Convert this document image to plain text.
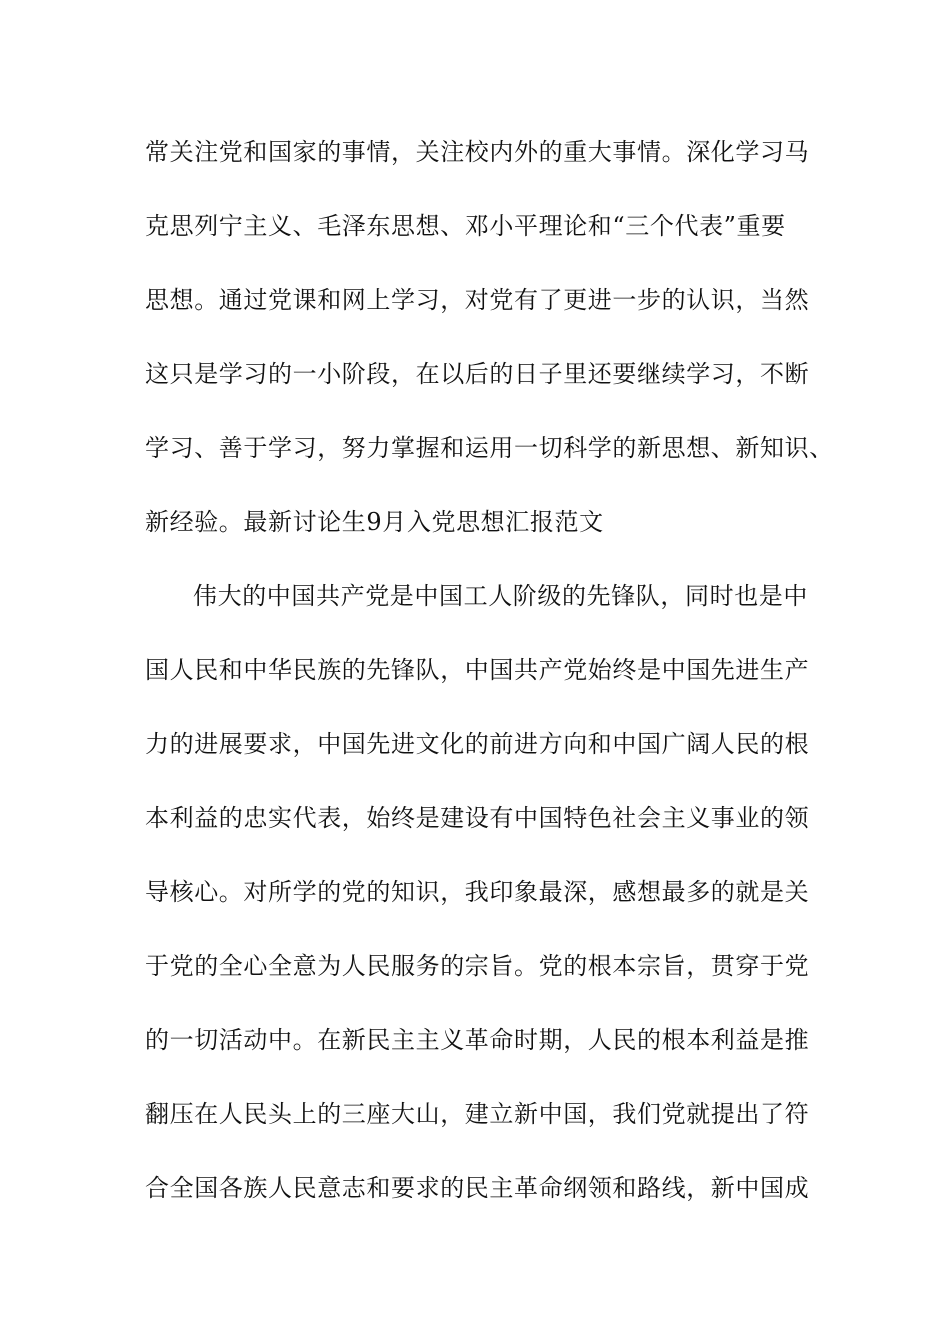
常关注党和国家的事情，关注校内外的重大事情。深化学习马
克思列宁主义、毛泽东思想、邓小平理论和“三个代表”重要
思想。通过党课和网上学习，对党有了更进一步的认识，当然
这只是学习的一小阶段，在以后的日子里还要继续学习，不断
学习、善于学习，努力掌握和运用一切科学的新思想、新知识、
新经验。最新讨论生9月入党思想汇报范文
伟大的中国共产党是中国工人阶级的先锋队，同时也是中
国人民和中华民族的先锋队，中国共产党始终是中国先进生产
力的进展要求，中国先进文化的前进方向和中国广阔人民的根
本利益的忠实代表，始终是建设有中国特色社会主义事业的领
导核心。对所学的党的知识，我印象最深，感想最多的就是关
于党的全心全意为人民服务的宗旨。党的根本宗旨，贯穿于党
的一切活动中。在新民主主义革命时期，人民的根本利益是推
翻压在人民头上的三座大山，建立新中国，我们党就提出了符
合全国各族人民意志和要求的民主革命纲领和路线，新中国成
